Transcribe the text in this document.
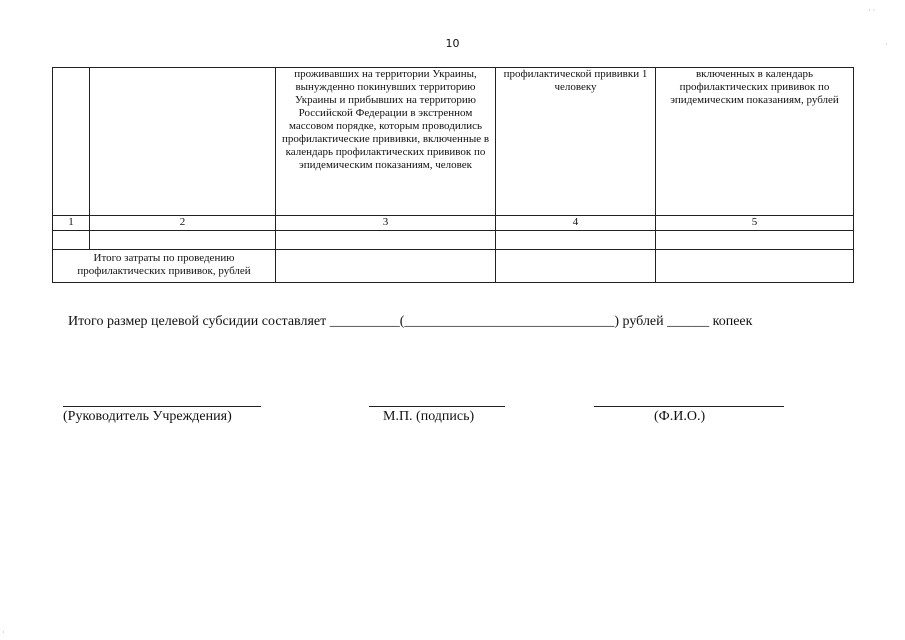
10
		проживавших на территории Украины, вынужденно покинувших территорию Украины и прибывших на территорию Российской Федерации в экстренном массовом порядке, которым проводились профилактические прививки, включенные в календарь профилактических прививок по эпидемическим показаниям, человек	профилактической прививки 1 человеку	включенных в календарь профилактических прививок по эпидемическим показаниям, рублей
1	2	3	4	5

Итого затраты по проведению профилактических прививок, рублей				
Итого размер целевой субсидии составляет __________(______________________________) рублей ______ копеек
(Руководитель Учреждения)	М.П. (подпись)	(Ф.И.О.)
· ·
·
·
